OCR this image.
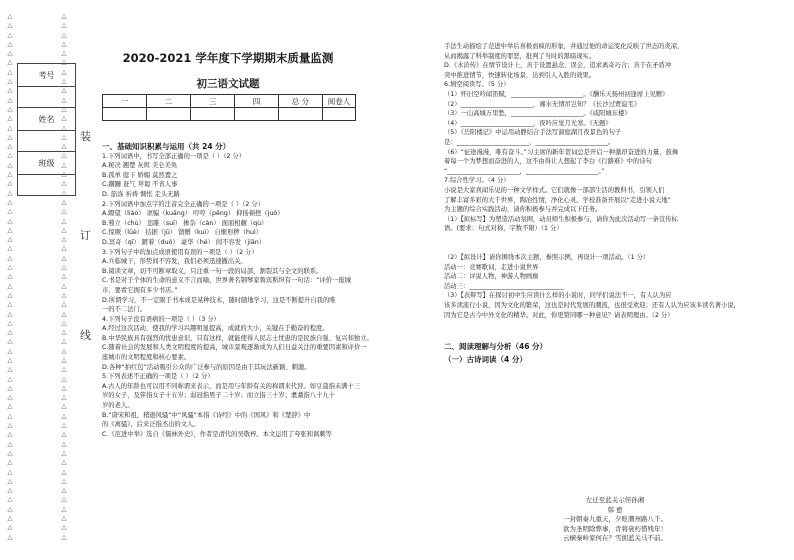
△
△
△
△
△
△
△
△
△
△
△
△
△
△
△
△
△
△
△
△
△
△
△
△
△
△
△
△
△
△
△
△
△
△
△
△
△
△
△
△
△
△
△
△
△
△
△
△
△
△
△
△
△
△
△
△
△
△
△
△
△
△
△
△
△
△
△
△
△
△
△
△
△
△
△
△
△
△
△
△
△
△
△
△
△
△
△
△
△
△
△
△
△
△
△
△
△
△
△
△
△
△
△
△
△
△
△
△
△
△
△
△
△
△
装
订
线
考号

姓名

班级

2020-2021 学年度下学期期末质量监测
初三语文试题
一	二	三	四	总 分	阅卷人

一、基础知识积累与运用（共 24 分）

1.下列词语中，书写全部正确的一项是（ ）（2 分）

A.秘决 翘楚 灰烬 美仑美奂

B.孤单 庭下 娇媚 莫然置之

C.蹒跚 诳气 拜谒 不省人事

D. 筋涤 祈祷 惆怅 走头无路

2.下列词语中加点字的注音完全正确的一项是（ ）（2 分）

A.瞭望（liào） 诓骗（kuāng） 哼哼（pēng） 抑扬顿挫（juó）

B.蓦立（chù） 恣睢（suī） 掺杂（càn） 面面相觑（qù）

C.惊厥（lüè） 拮据（jū） 馈赠（kuì） 自惭形秽（huì）

D.冥奇（qī） 踱着（duó） 豪华（hé） 间不容发（jiān）

3.下列句子中的加点成语使用有误的一项是（ ）（2 分）

A.兵临城下，形势间不容发，我们必须迅速撤出关。

B.阅读文章，切不可断章取义，只注重一句一段的局部，割裂其与全文的联系。

C.书是对于个体的生命的意义不言而喻，世界著名钢琴家鲁宾斯坦有一句话：“评价一座城

市，要看它拥有多少书店。”

D.所谓学习，不一定限于书本或是某种技术，随时随地学习，这是不断提升自我的唯

一的不二法门。

4.下列句子没有语病的一项是（ ）（3 分）

A.经过这次活动，使我的学习兴趣明显提高，成就的大小，关键在于勤奋的程度。

B.中华民族具有强烈的忧患意识，只有这样，就能使得人民志士忧患的是民族自强、复兴和独立。

C.随着社会的发展和人类文明程度的提高，城市景观逐渐成为人们日益关注的重要因素和评价一

座城市的文明程度和核心要素。

D.各种“拍红包”活动吸引公众的广泛参与的原因是由于其玩法新颖、刺激。

5.下列表述不正确的一项是（ ）（2 分）

A.古人的年龄也可以用不同称谓来表示，而是用与年龄有关的称谓来代替。如豆蔻指未满十三

岁的女子，及笄指女子十五岁；弱冠指男子二十岁；而立指三十岁；耄耋指八十九十

岁的老人。

B.“唐宋和祖，稍逊风骚”中“风骚”本指《诗经》中的《国风》和《楚辞》中

的《离骚》，后来泛指杰出的文人。

C.《范进中举》选自《儒林外史》，作者是清代的吴敬梓。本文运用了夸张和讽刺等

手法生动描绘了范进中举后喜极而疯的形象，并通过他的命运变化反映了世态的炎凉，

从而揭露了科举制度的罪恶，批判了当时的黑暗现实。

D.《水浒传》在情节设计上，善于设置悬念、误会，追求离奇巧合；善于在矛盾冲

突中推进情节，快速转化场景，达到引人入胜的效果。

6.填空阅读写。（5 分）

（1）怀旧空吟闻笛赋，_______________________。《酬乐天扬州初逢席上见赠》

（2）_______________________，湘水无情吊岂知？《长沙过贾谊宅》

（3）一山高城万里愁，_______________________。《咸阳城东楼》

（4）_______________________，夜吟应觉月光寒。《无题》

（5）《岳阳楼记》中运用动静结合手法写洞庭湖月夜景色的句子

是：_______________________，_______________________。

（6）“征途漫漫，唯有奋斗。”习主席的新年贺词总是开启一种激昂奋进的力量，鼓舞

着每一个为梦想而奋进的人，这不由得让人想起了李白《行路难》中的诗句

“_______________________，_______________________。”

7.综合性学习。（4 分）

小说是大家喜闻乐见的一种文学样式。它们就像一部部生活的教科书，引领人们

了解丰富多彩的大千世界，陶冶性情，净化心灵。学校准备开展以“走进小说天地”

为主题的综合实践活动，请你积极参与并完成以下任务。

（1）【拟标写】为塑造活动氛围，动员师生积极参与，请你为此次活动写一条宣传标

语。(要求：句式对称，字数不限）（1 分）

（2）【拟设计】请你围绕本次主题，参照示例，再设计一项活动。（1 分）

活动一：竞赛歌词，走进小说世界

活动二：评说人物，神游人物画廊

活动三：______________________________

（3）【表辩写】在探讨初中生应读什么样的小说时，同学们说法不一，有人认为应

该多读流行小说，因为文化的繁荣，这也是时代发展的潮流，也很受欢迎；还有人认为应该多读名著小说，

因为它是古今中外文化的精华。对此，你更赞同哪一种意见？请表明理由。（2 分）

二、阅读理解与分析（46 分）

（一）古诗词读（4 分）

左迁至蓝关示侄孙湘

韩 愈

一封朝奏九重天，夕贬潮州路八千。

欲为圣明除弊事，肯将衰朽惜残年！

云横秦岭家何在？雪拥蓝关马不前。
